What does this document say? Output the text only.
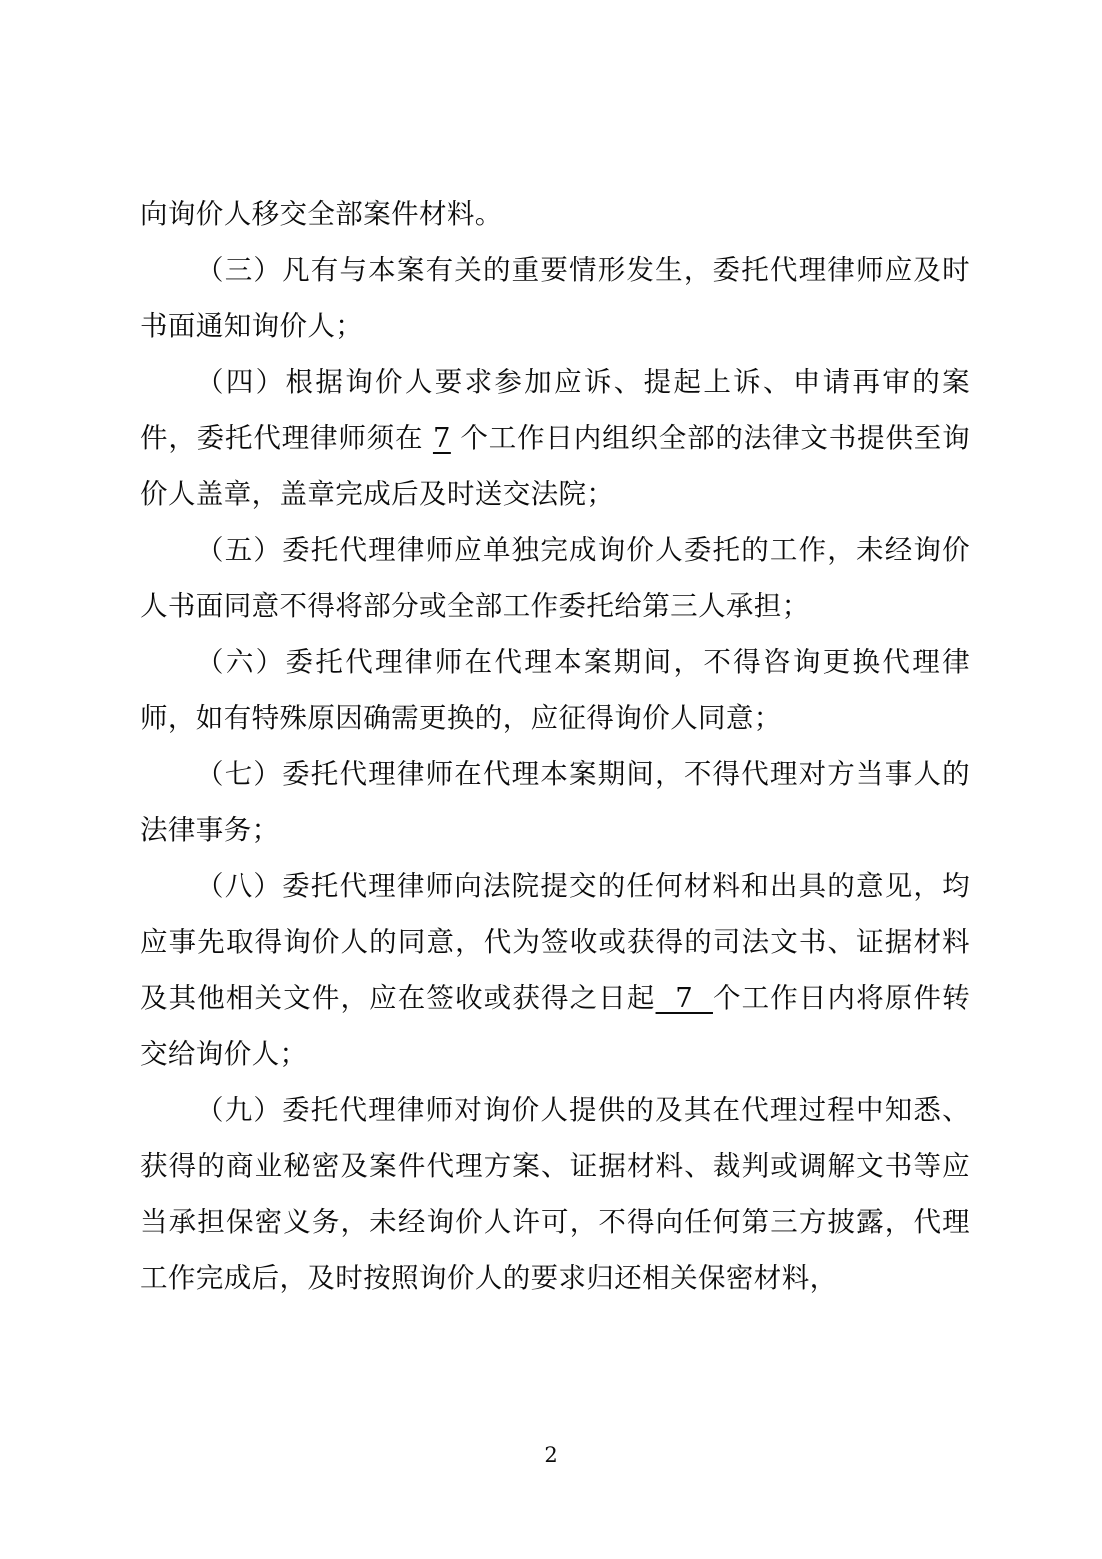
向询价人移交全部案件材料。

（三）凡有与本案有关的重要情形发生，委托代理律师应及时书面通知询价人；

（四）根据询价人要求参加应诉、提起上诉、申请再审的案件，委托代理律师须在 7 个工作日内组织全部的法律文书提供至询价人盖章，盖章完成后及时送交法院；

（五）委托代理律师应单独完成询价人委托的工作，未经询价人书面同意不得将部分或全部工作委托给第三人承担；

（六）委托代理律师在代理本案期间，不得咨询更换代理律师，如有特殊原因确需更换的，应征得询价人同意；

（七）委托代理律师在代理本案期间，不得代理对方当事人的法律事务；

（八）委托代理律师向法院提交的任何材料和出具的意见，均应事先取得询价人的同意，代为签收或获得的司法文书、证据材料及其他相关文件，应在签收或获得之日起  7  个工作日内将原件转交给询价人；

（九）委托代理律师对询价人提供的及其在代理过程中知悉、获得的商业秘密及案件代理方案、证据材料、裁判或调解文书等应当承担保密义务，未经询价人许可，不得向任何第三方披露，代理工作完成后，及时按照询价人的要求归还相关保密材料，

2
